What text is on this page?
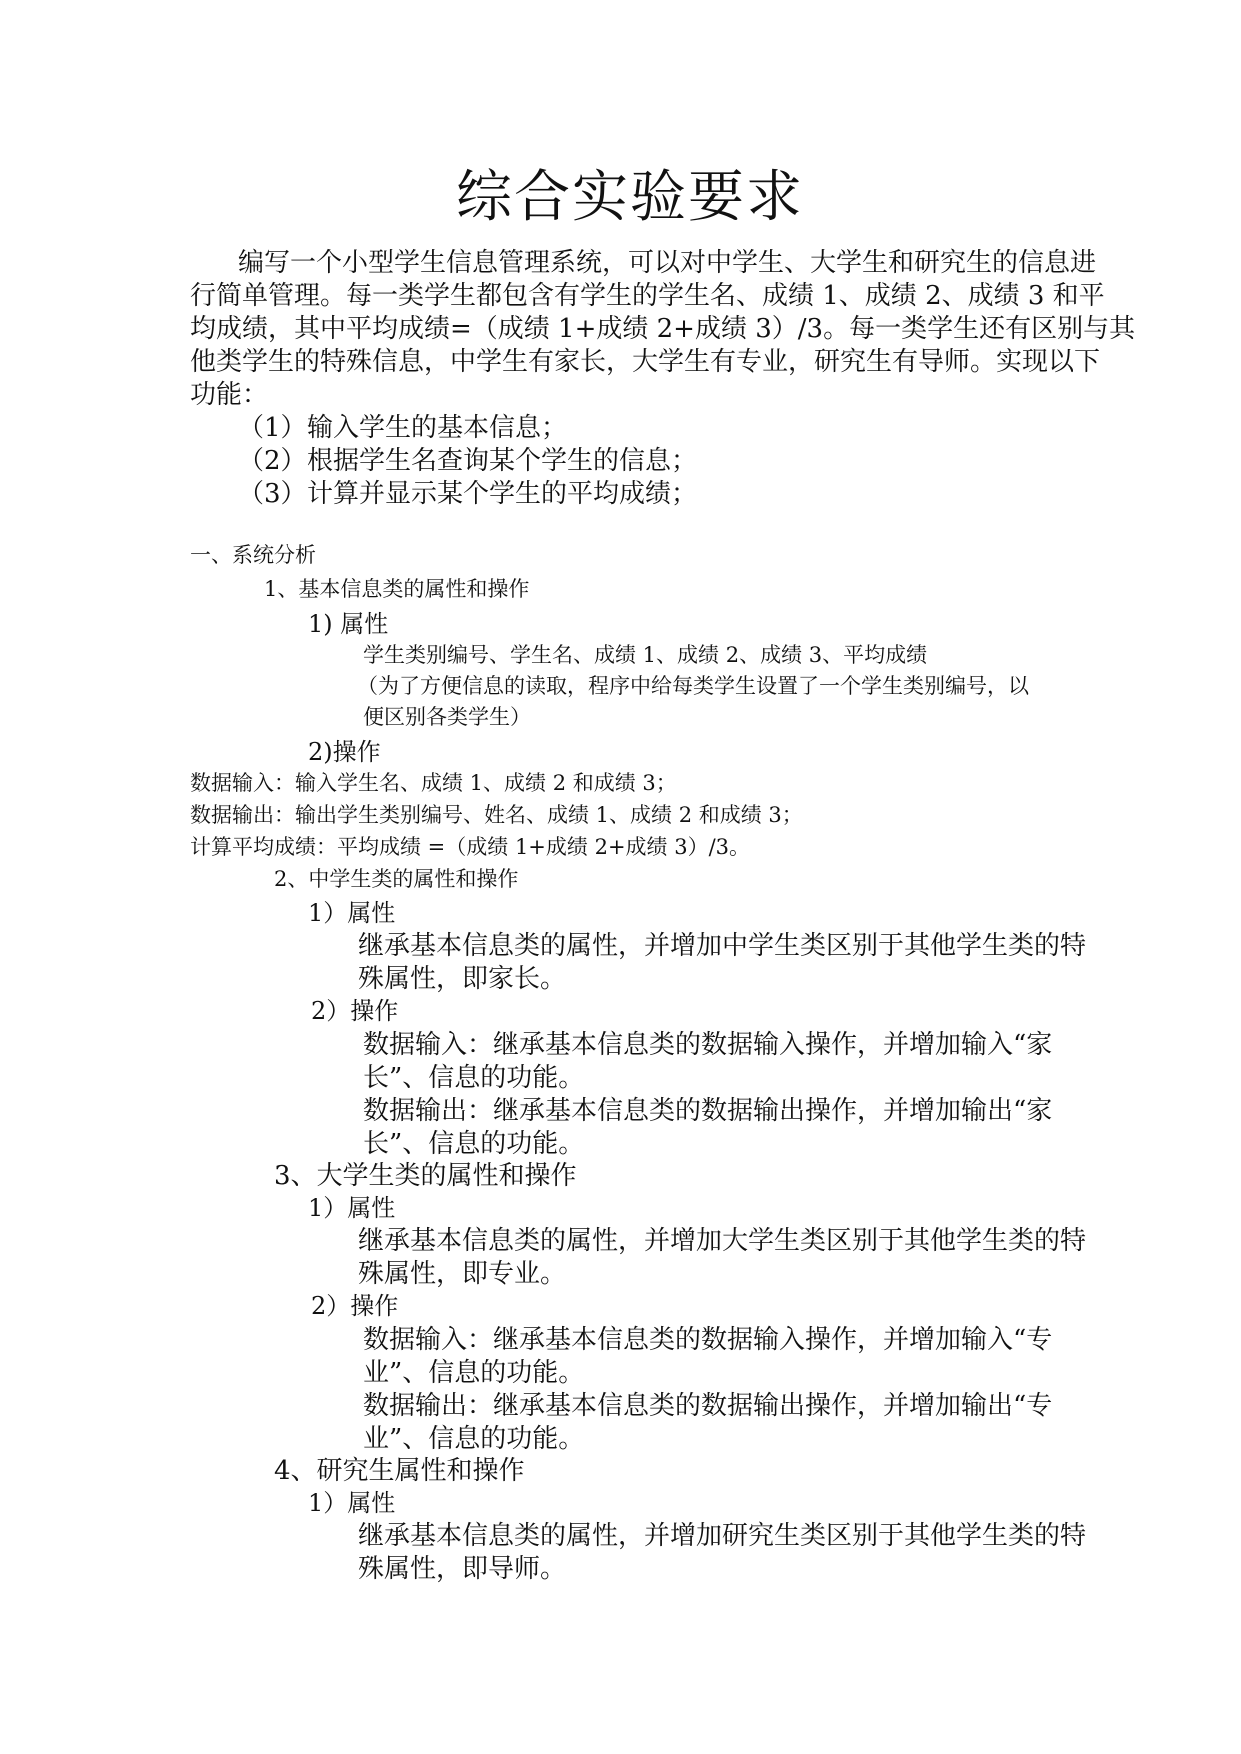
综合实验要求
编写一个小型学生信息管理系统，可以对中学生、大学生和研究生的信息进
行简单管理。每一类学生都包含有学生的学生名、成绩 1、成绩 2、成绩 3 和平
均成绩，其中平均成绩=（成绩 1+成绩 2+成绩 3）/3。每一类学生还有区别与其
他类学生的特殊信息，中学生有家长，大学生有专业，研究生有导师。实现以下
功能：
（1） 输入学生的基本信息；
（2） 根据学生名查询某个学生的信息；
（3） 计算并显示某个学生的平均成绩；
一、系统分析
1、基本信息类的属性和操作
1) 属性
学生类别编号、学生名、成绩 1、成绩 2、成绩 3、平均成绩
（为了方便信息的读取，程序中给每类学生设置了一个学生类别编号，以
便区别各类学生）
2)操作
数据输入：输入学生名、成绩 1、成绩 2 和成绩 3；
数据输出：输出学生类别编号、姓名、成绩 1、成绩 2 和成绩 3；
计算平均成绩：平均成绩 =（成绩 1+成绩 2+成绩 3）/3。
2、中学生类的属性和操作
1）属性
继承基本信息类的属性，并增加中学生类区别于其他学生类的特
殊属性，即家长。
2）操作
数据输入：继承基本信息类的数据输入操作，并增加输入“家
长”、信息的功能。
数据输出：继承基本信息类的数据输出操作，并增加输出“家
长”、信息的功能。
3、大学生类的属性和操作
1）属性
继承基本信息类的属性，并增加大学生类区别于其他学生类的特
殊属性，即专业。
2）操作
数据输入：继承基本信息类的数据输入操作，并增加输入“专
业”、信息的功能。
数据输出：继承基本信息类的数据输出操作，并增加输出“专
业”、信息的功能。
4、研究生属性和操作
1）属性
继承基本信息类的属性，并增加研究生类区别于其他学生类的特
殊属性，即导师。
